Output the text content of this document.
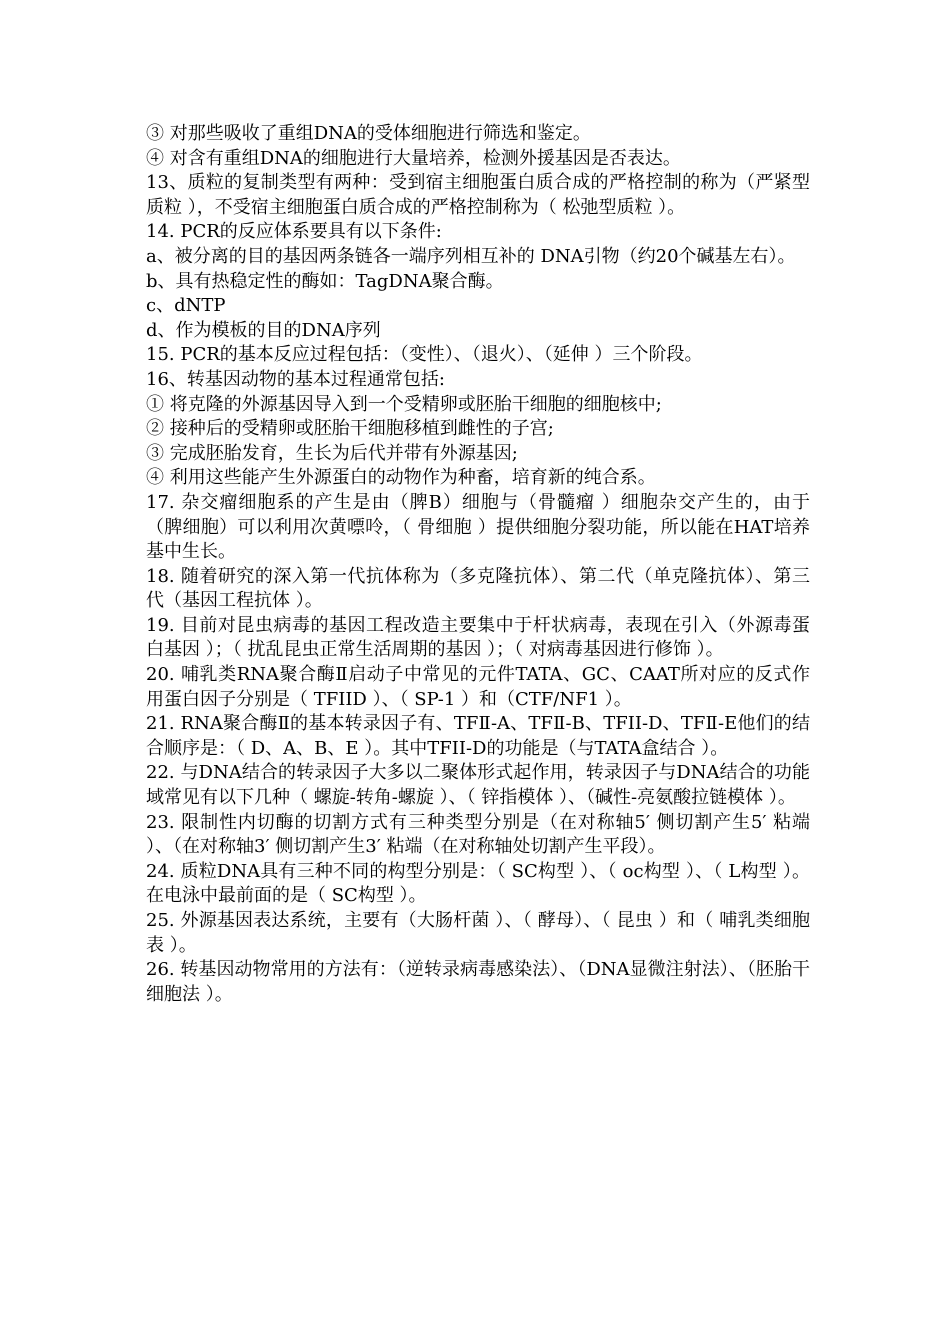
③ 对那些吸收了重组DNA的受体细胞进行筛选和鉴定。

④ 对含有重组DNA的细胞进行大量培养，检测外援基因是否表达。

13、质粒的复制类型有两种：受到宿主细胞蛋白质合成的严格控制的称为（严紧型质粒 ），不受宿主细胞蛋白质合成的严格控制称为（ 松弛型质粒 ）。

14. PCR的反应体系要具有以下条件:

a、被分离的目的基因两条链各一端序列相互补的 DNA引物（约20个碱基左右）。

b、具有热稳定性的酶如：TagDNA聚合酶。

c、dNTP

d、作为模板的目的DNA序列

15. PCR的基本反应过程包括：（变性）、（退火）、（延伸 ）三个阶段。

16、转基因动物的基本过程通常包括:

① 将克隆的外源基因导入到一个受精卵或胚胎干细胞的细胞核中;

② 接种后的受精卵或胚胎干细胞移植到雌性的子宫;

③ 完成胚胎发育，生长为后代并带有外源基因;

④ 利用这些能产生外源蛋白的动物作为种畜，培育新的纯合系。

17. 杂交瘤细胞系的产生是由（脾B）细胞与（骨髓瘤 ）细胞杂交产生的，由于（脾细胞）可以利用次黄嘌呤，（ 骨细胞 ）提供细胞分裂功能，所以能在HAT培养基中生长。

18. 随着研究的深入第一代抗体称为（多克隆抗体）、第二代（单克隆抗体）、第三代（基因工程抗体 ）。

19. 目前对昆虫病毒的基因工程改造主要集中于杆状病毒，表现在引入（外源毒蛋白基因 ）；（ 扰乱昆虫正常生活周期的基因 ）；（ 对病毒基因进行修饰 ）。

20. 哺乳类RNA聚合酶Ⅱ启动子中常见的元件TATA、GC、CAAT所对应的反式作用蛋白因子分别是（ TFIID ）、（ SP-1 ）和（CTF/NF1 ）。

21. RNA聚合酶Ⅱ的基本转录因子有、TFⅡ-A、TFⅡ-B、TFII-D、TFⅡ-E他们的结合顺序是：（ D、A、B、E ）。其中TFII-D的功能是（与TATA盒结合 ）。

22. 与DNA结合的转录因子大多以二聚体形式起作用，转录因子与DNA结合的功能域常见有以下几种（ 螺旋-转角-螺旋 ）、（ 锌指模体 ）、（碱性-亮氨酸拉链模体 ）。

23. 限制性内切酶的切割方式有三种类型分别是（在对称轴5′ 侧切割产生5′ 粘端 ）、（在对称轴3′ 侧切割产生3′ 粘端（在对称轴处切割产生平段）。

24. 质粒DNA具有三种不同的构型分别是：（ SC构型 ）、（ oc构型 ）、（ L构型 ）。在电泳中最前面的是（ SC构型 ）。

25. 外源基因表达系统，主要有（大肠杆菌 ）、（ 酵母）、（ 昆虫 ）和（ 哺乳类细胞表 ）。

26. 转基因动物常用的方法有：（逆转录病毒感染法）、（DNA显微注射法）、（胚胎干细胞法 ）。
